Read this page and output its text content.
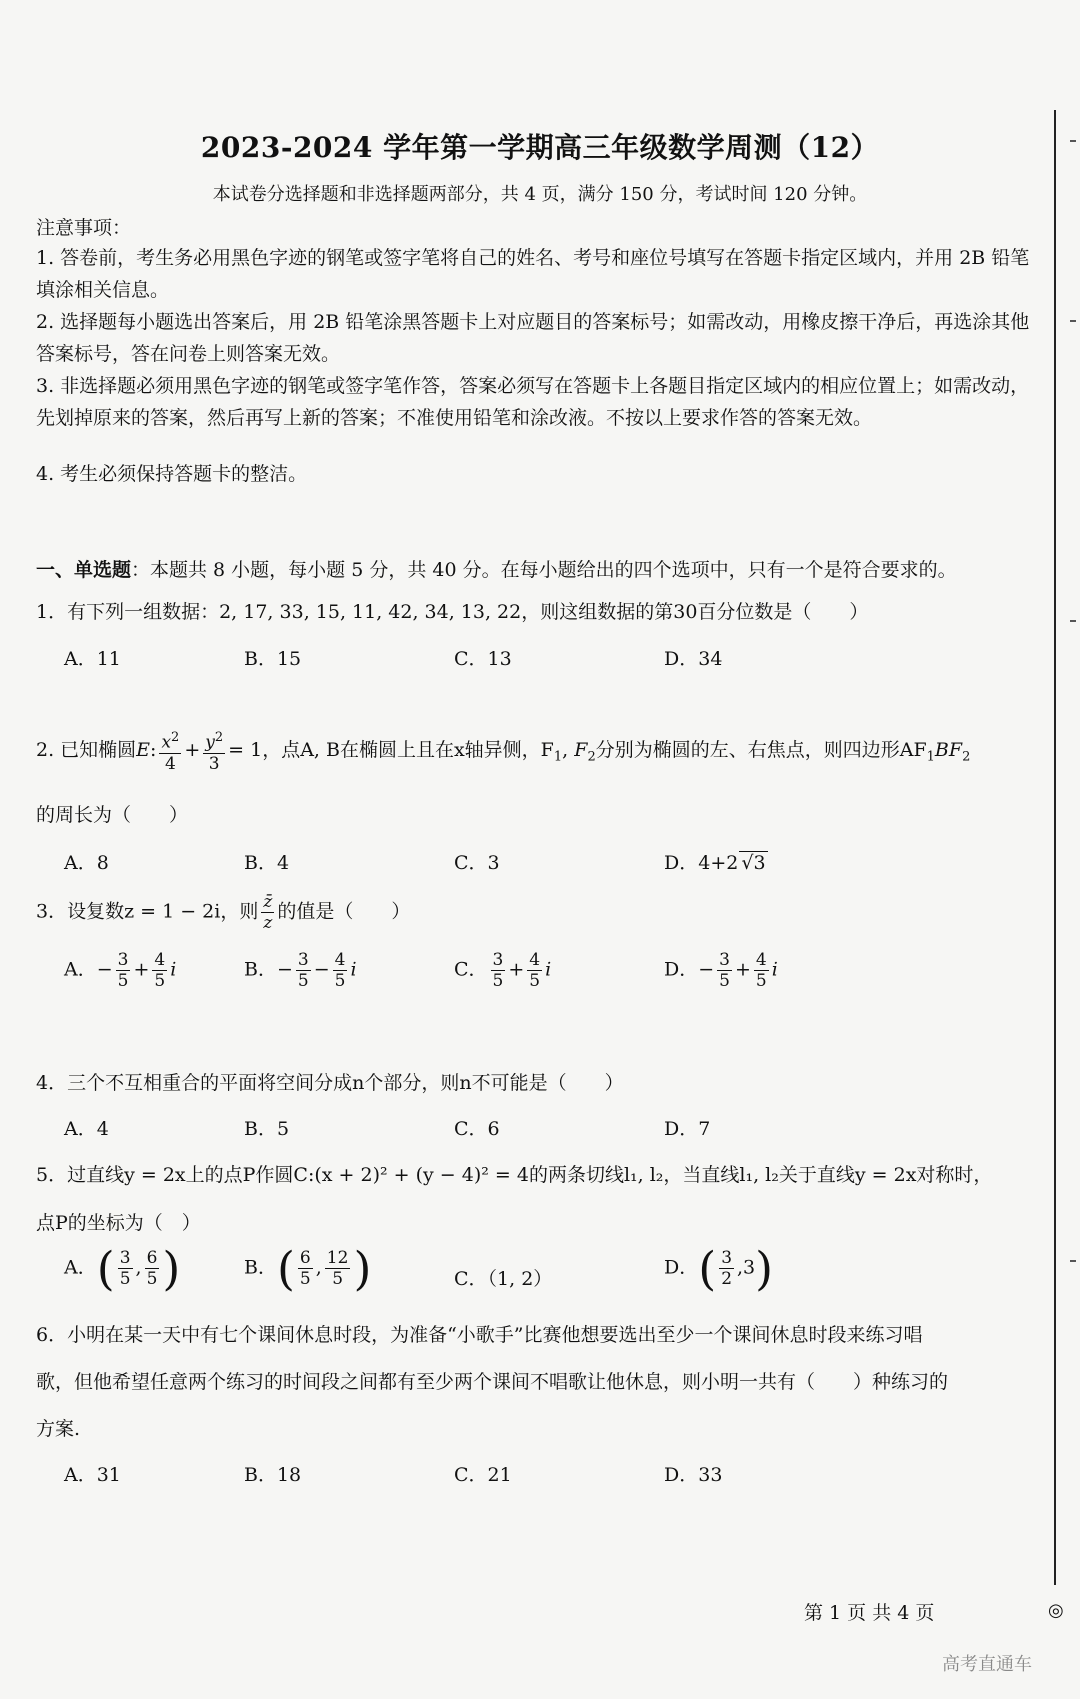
2023-2024 学年第一学期高三年级数学周测（12）
本试卷分选择题和非选择题两部分，共 4 页，满分 150 分，考试时间 120 分钟。
注意事项：
1. 答卷前，考生务必用黑色字迹的钢笔或签字笔将自己的姓名、考号和座位号填写在答题卡指定区域内，并用 2B 铅笔填涂相关信息。
2. 选择题每小题选出答案后，用 2B 铅笔涂黑答题卡上对应题目的答案标号；如需改动，用橡皮擦干净后，再选涂其他答案标号，答在问卷上则答案无效。
3. 非选择题必须用黑色字迹的钢笔或签字笔作答，答案必须写在答题卡上各题目指定区域内的相应位置上；如需改动，先划掉原来的答案，然后再写上新的答案；不准使用铅笔和涂改液。不按以上要求作答的答案无效。
4. 考生必须保持答题卡的整洁。
一、单选题：本题共 8 小题，每小题 5 分，共 40 分。在每小题给出的四个选项中，只有一个是符合要求的。
1．有下列一组数据：2, 17, 33, 15, 11, 42, 34, 13, 22，则这组数据的第30百分位数是（　　）
A．11	B．15	C．13	D．34
2. 已知椭圆E: $\frac{x^2}{4} + \frac{y^2}{3} = 1$，点A, B在椭圆上且在x轴异侧，$F_1$, $F_2$分别为椭圆的左、右焦点，则四边形$AF_1BF_2$
的周长为（　　）
A．8	B．4	C．3	D．4+2 √3
3．设复数z = 1 − 2i，则 $\frac{z̄}{z}$ 的值是（　　）
A．− $\frac{3}{5} + \frac{4}{5}$ i	B．− $\frac{3}{5} - \frac{4}{5}$ i	C． $\frac{3}{5} + \frac{4}{5}$ i	D．− $\frac{3}{5} + \frac{4}{5}$ i
4．三个不互相重合的平面将空间分成n个部分，则n不可能是（　　）
A．4	B．5	C．6	D．7
5．过直线y = 2x上的点P作圆C:(x + 2)² + (y − 4)² = 4的两条切线l₁, l₂，当直线l₁, l₂关于直线y = 2x对称时，
点P的坐标为（　）
A．( $\frac{3}{5}$ , $\frac{6}{5}$ )	B．( $\frac{6}{5}$ , $\frac{12}{5}$ )	C．（1, 2）
D．( $\frac{3}{2} ,3$)
6．小明在某一天中有七个课间休息时段，为准备“小歌手”比赛他想要选出至少一个课间休息时段来练习唱
歌，但他希望任意两个练习的时间段之间都有至少两个课间不唱歌让他休息，则小明一共有（　　）种练习的
方案.
A．31	B．18	C．21	D．33
第 1 页 共 4 页	◎
高考直通车
